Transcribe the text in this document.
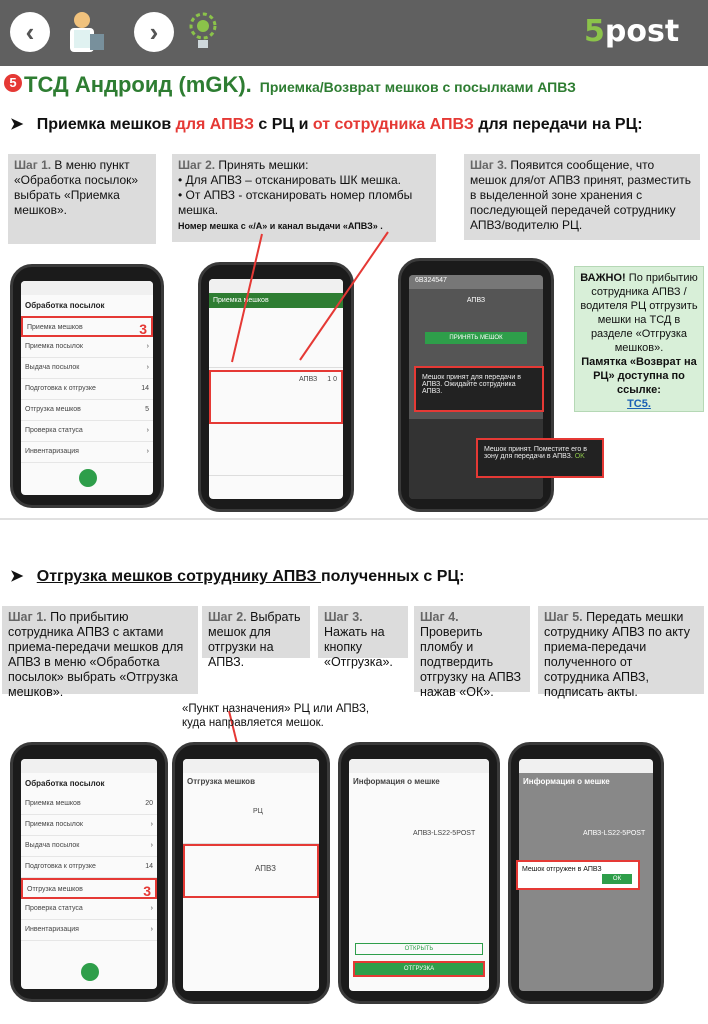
‹	›	5post
5 ТСД Андроид (mGK). Приемка/Возврат мешков с посылками АПВЗ
➤ Приемка мешков для АПВЗ с РЦ и от сотрудника АПВЗ для передачи на РЦ:
Шаг 1. В меню пункт «Обработка посылок» выбрать «Приемка мешков».
Шаг 2. Принять мешки:
• Для АПВЗ – отсканировать ШК мешка.
• От АПВЗ - отсканировать номер пломбы мешка.
Номер мешка с «/А» и канал выдачи «АПВЗ» .
Шаг 3. Появится сообщение, что мешок для/от АПВЗ принят, разместить в выделенной зоне хранения с последующей передачей сотруднику АПВЗ/водителю РЦ.
Обработка посылок
Приемка мешков	3
Приемка посылок	›
Выдача посылок	›
Подготовка к отгрузке	14
Отгрузка мешков	5
Проверка статуса	›
Инвентаризация	›
Приемка мешков
АПВЗ 1 0
6B324547
АПВЗ
ПРИНЯТЬ МЕШОК
Мешок принят для передачи в АПВЗ. Ожидайте сотрудника АПВЗ.
Мешок принят. Поместите его в зону для передачи в АПВЗ. OK
ВАЖНО! По прибытию сотрудника АПВЗ /водителя РЦ отгрузить мешки на ТСД в разделе «Отгрузка мешков».
Памятка «Возврат на РЦ» доступна по ссылке:
ТС5.
➤ Отгрузка мешков сотруднику АПВЗ полученных с РЦ:
Шаг 1. По прибытию сотрудника АПВЗ с актами приема-передачи мешков для АПВЗ в меню «Обработка посылок» выбрать «Отгрузка мешков».
Шаг 2. Выбрать мешок для отгрузки на АПВЗ.
Шаг 3. Нажать на кнопку «Отгрузка».
Шаг 4. Проверить пломбу и подтвердить отгрузку на АПВЗ нажав «ОК».
Шаг 5. Передать мешки сотруднику АПВЗ по акту приема-передачи полученного от сотрудника АПВЗ, подписать акты.
«Пункт назначения» РЦ или АПВЗ, куда направляется мешок.
Обработка посылок
Приемка мешков	20
Приемка посылок	›
Выдача посылок	›
Подготовка к отгрузке	14
Отгрузка мешков	3
Проверка статуса	›
Инвентаризация	›
Отгрузка мешков
РЦ
АПВЗ
Информация о мешке
АПВЗ-LS22-5POST
ОТКРЫТЬ
ОТГРУЗКА
Информация о мешке
АПВЗ-LS22-5POST
Мешок отгружен в АПВЗ
ОК
